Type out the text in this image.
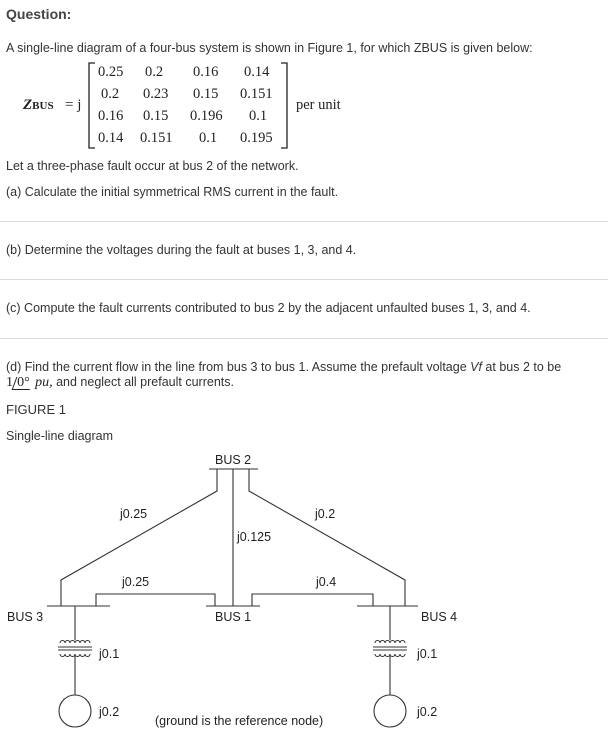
Question:
A single-line diagram of a four-bus system is shown in Figure 1, for which ZBUS is given below:
ZBUS = j
0.25 0.2 0.16 0.14
0.2 0.23 0.15 0.151
0.16 0.15 0.196 0.1
0.14 0.151 0.1 0.195
per unit
Let a three-phase fault occur at bus 2 of the network.
(a) Calculate the initial symmetrical RMS current in the fault.
(b) Determine the voltages during the fault at buses 1, 3, and 4.
(c) Compute the fault currents contributed to bus 2 by the adjacent unfaulted buses 1, 3, and 4.
(d) Find the current flow in the line from bus 3 to bus 1. Assume the prefault voltage Vf at bus 2 to be
1 0° pu, and neglect all prefault currents.
FIGURE 1
Single-line diagram
BUS 2
BUS 1
BUS 3	BUS 4
j0.25	j0.2
j0.125
j0.25	j0.4
j0.1	j0.1
j0.2	j0.2
(ground is the reference node)
